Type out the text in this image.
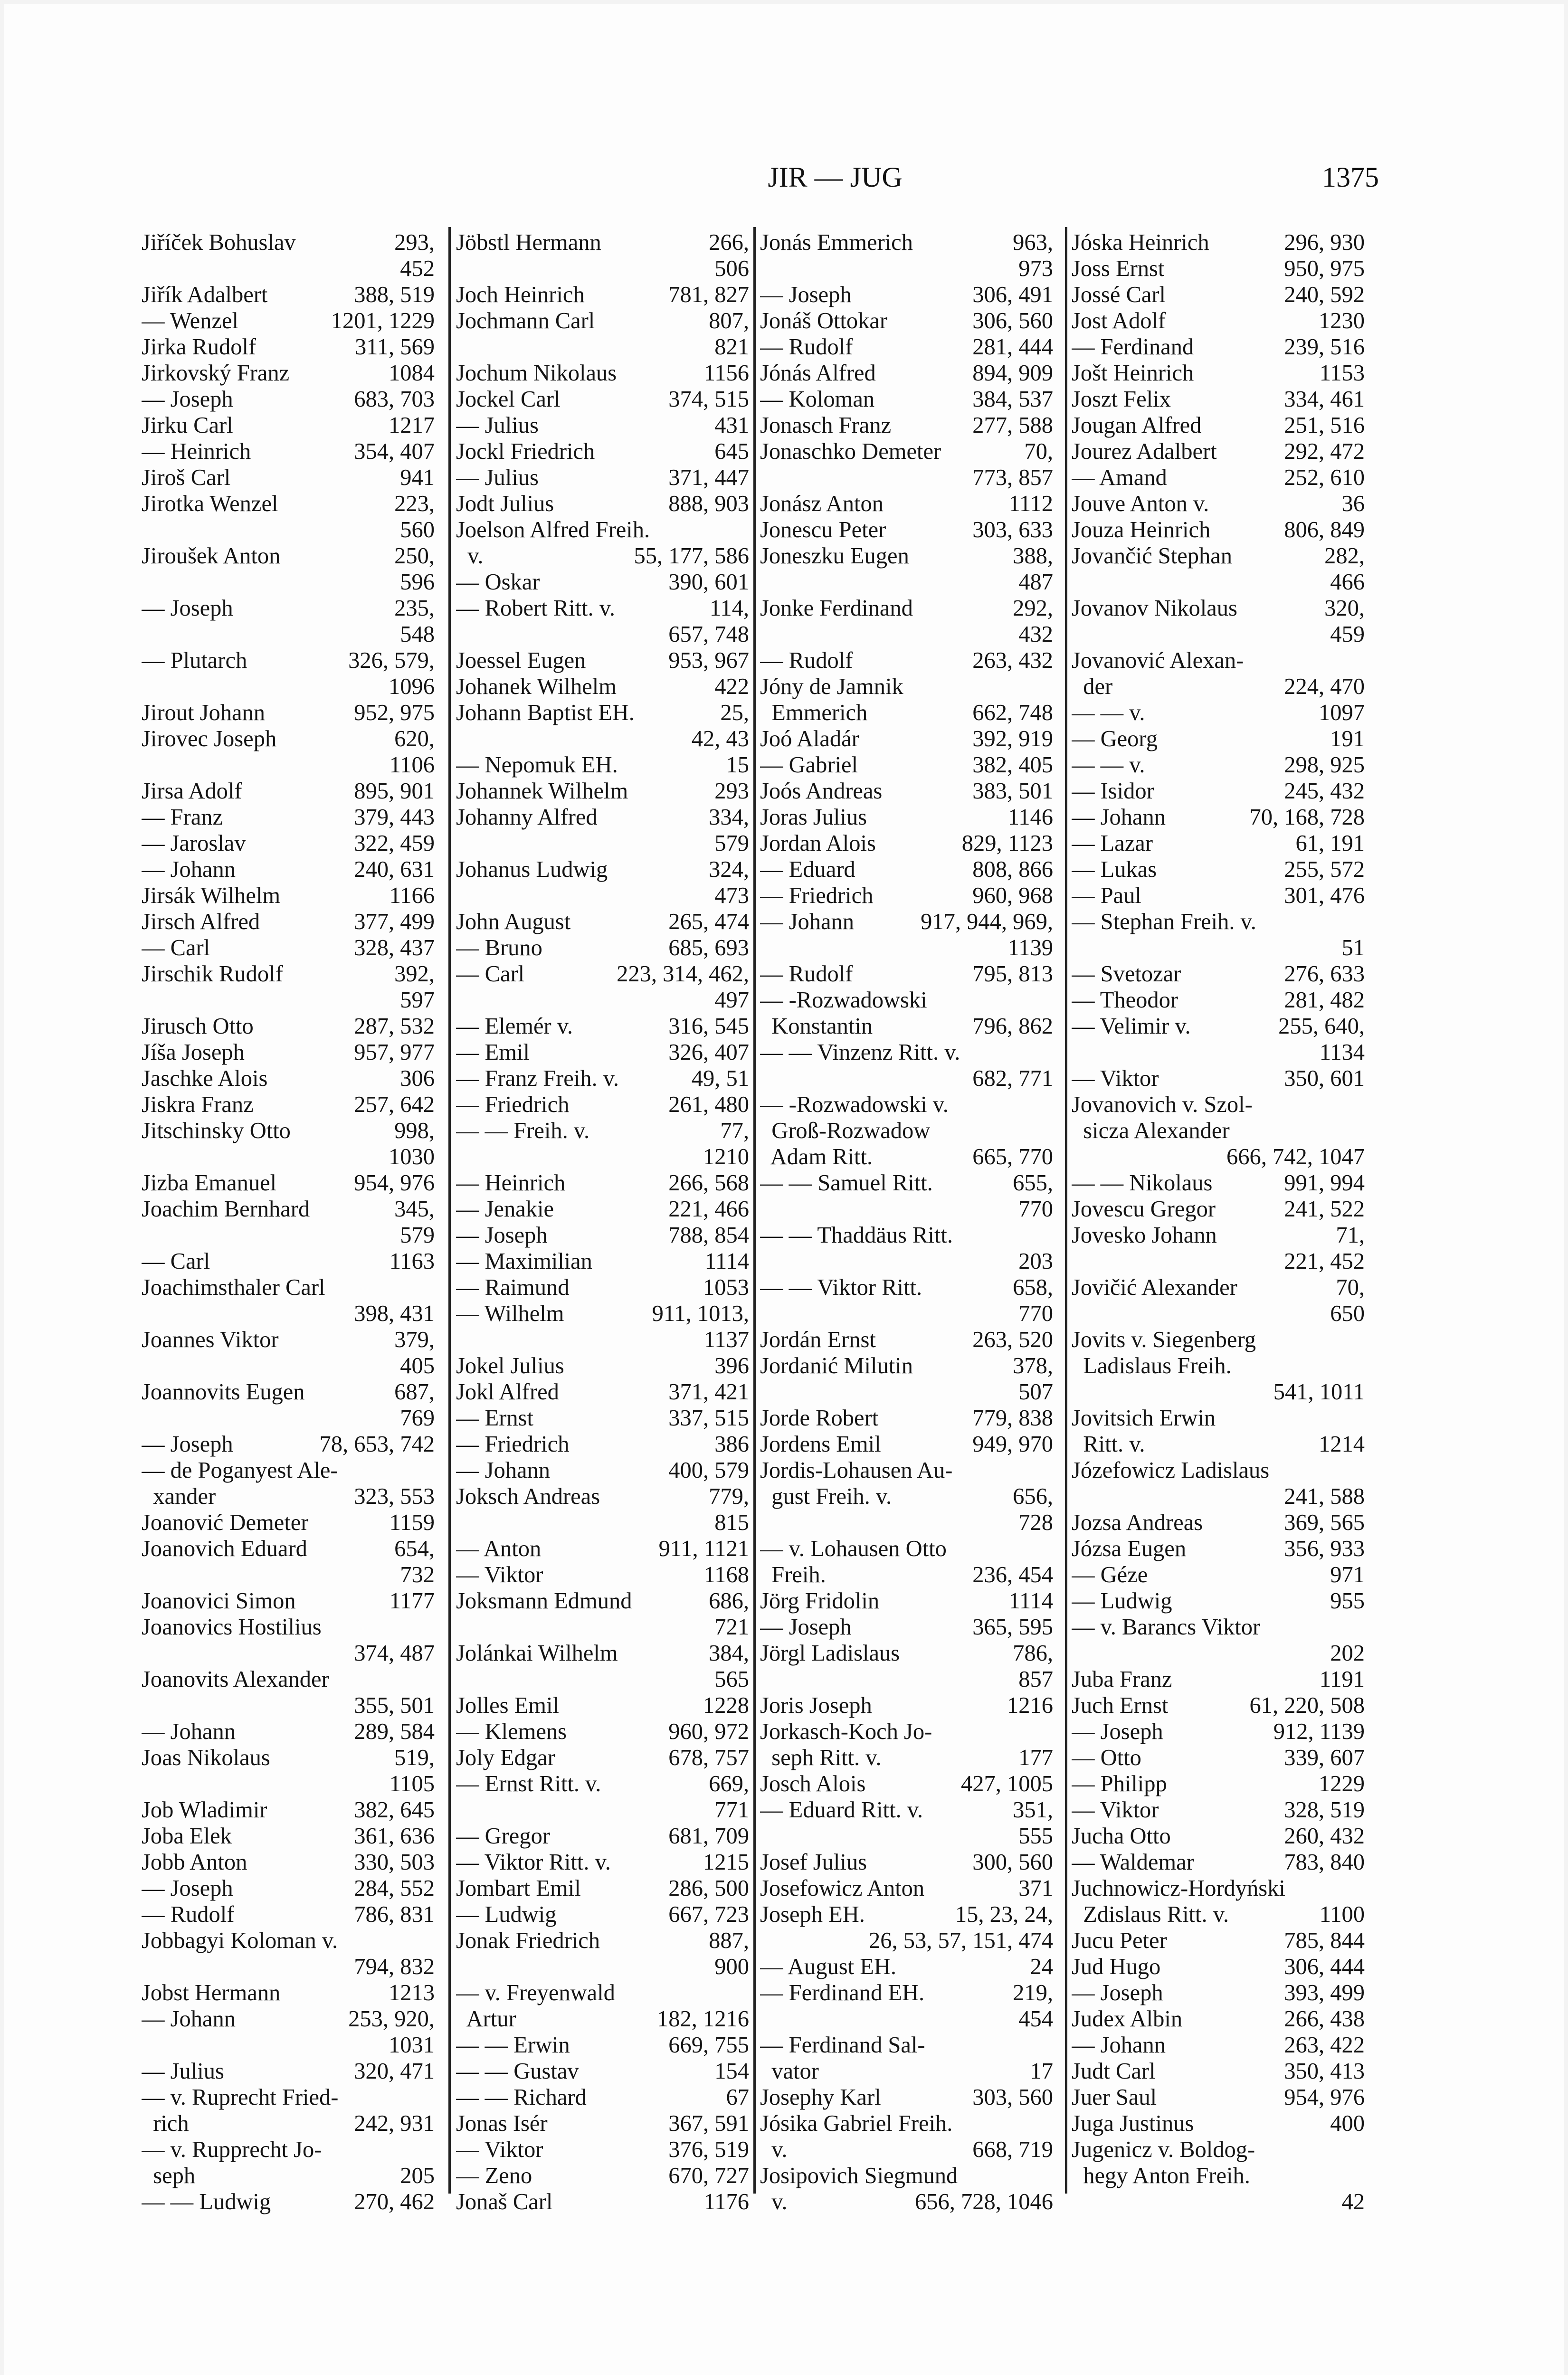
JIR — JUG	1375
Jiříček Bohuslav	293,
452
Jiřík Adalbert	388, 519
— Wenzel	1201, 1229
Jirka Rudolf	311, 569
Jirkovský Franz	1084
— Joseph	683, 703
Jirku Carl	1217
— Heinrich	354, 407
Jiroš Carl	941
Jirotka Wenzel	223,
560
Jiroušek Anton	250,
596
— Joseph	235,
548
— Plutarch	326, 579,
1096
Jirout Johann	952, 975
Jirovec Joseph	620,
1106
Jirsa Adolf	895, 901
— Franz	379, 443
— Jaroslav	322, 459
— Johann	240, 631
Jirsák Wilhelm	1166
Jirsch Alfred	377, 499
— Carl	328, 437
Jirschik Rudolf	392,
597
Jirusch Otto	287, 532
Jíša Joseph	957, 977
Jaschke Alois	306
Jiskra Franz	257, 642
Jitschinsky Otto	998,
1030
Jizba Emanuel	954, 976
Joachim Bernhard	345,
579
— Carl	1163
Joachimsthaler Carl
398, 431
Joannes Viktor	379,
405
Joannovits Eugen	687,
769
— Joseph	78, 653, 742
— de Poganyest Ale-
xander	323, 553
Joanović Demeter	1159
Joanovich Eduard	654,
732
Joanovici Simon	1177
Joanovics Hostilius
374, 487
Joanovits Alexander
355, 501
— Johann	289, 584
Joas Nikolaus	519,
1105
Job Wladimir	382, 645
Joba Elek	361, 636
Jobb Anton	330, 503
— Joseph	284, 552
— Rudolf	786, 831
Jobbagyi Koloman v.
794, 832
Jobst Hermann	1213
— Johann	253, 920,
1031
— Julius	320, 471
— v. Ruprecht Fried-
rich	242, 931
— v. Rupprecht Jo-
seph	205
— — Ludwig	270, 462
Jöbstl Hermann	266,
506
Joch Heinrich	781, 827
Jochmann Carl	807,
821
Jochum Nikolaus	1156
Jockel Carl	374, 515
— Julius	431
Jockl Friedrich	645
— Julius	371, 447
Jodt Julius	888, 903
Joelson Alfred Freih.
v.	55, 177, 586
— Oskar	390, 601
— Robert Ritt. v.	114,
657, 748
Joessel Eugen	953, 967
Johanek Wilhelm	422
Johann Baptist EH.	25,
42, 43
— Nepomuk EH.	15
Johannek Wilhelm	293
Johanny Alfred	334,
579
Johanus Ludwig	324,
473
John August	265, 474
— Bruno	685, 693
— Carl	223, 314, 462,
497
— Elemér v.	316, 545
— Emil	326, 407
— Franz Freih. v.	49, 51
— Friedrich	261, 480
— — Freih. v.	77,
1210
— Heinrich	266, 568
— Jenakie	221, 466
— Joseph	788, 854
— Maximilian	1114
— Raimund	1053
— Wilhelm	911, 1013,
1137
Jokel Julius	396
Jokl Alfred	371, 421
— Ernst	337, 515
— Friedrich	386
— Johann	400, 579
Joksch Andreas	779,
815
— Anton	911, 1121
— Viktor	1168
Joksmann Edmund	686,
721
Jolánkai Wilhelm	384,
565
Jolles Emil	1228
— Klemens	960, 972
Joly Edgar	678, 757
— Ernst Ritt. v.	669,
771
— Gregor	681, 709
— Viktor Ritt. v.	1215
Jombart Emil	286, 500
— Ludwig	667, 723
Jonak Friedrich	887,
900
— v. Freyenwald
Artur	182, 1216
— — Erwin	669, 755
— — Gustav	154
— — Richard	67
Jonas Isér	367, 591
— Viktor	376, 519
— Zeno	670, 727
Jonaš Carl	1176
Jonás Emmerich	963,
973
— Joseph	306, 491
Jonáš Ottokar	306, 560
— Rudolf	281, 444
Jónás Alfred	894, 909
— Koloman	384, 537
Jonasch Franz	277, 588
Jonaschko Demeter	70,
773, 857
Jonász Anton	1112
Jonescu Peter	303, 633
Joneszku Eugen	388,
487
Jonke Ferdinand	292,
432
— Rudolf	263, 432
Jóny de Jamnik
Emmerich	662, 748
Joó Aladár	392, 919
— Gabriel	382, 405
Joós Andreas	383, 501
Joras Julius	1146
Jordan Alois	829, 1123
— Eduard	808, 866
— Friedrich	960, 968
— Johann	917, 944, 969,
1139
— Rudolf	795, 813
— -Rozwadowski
Konstantin	796, 862
— — Vinzenz Ritt. v.
682, 771
— -Rozwadowski v.
Groß-Rozwadow
Adam Ritt.	665, 770
— — Samuel Ritt.	655,
770
— — Thaddäus Ritt.
203
— — Viktor Ritt.	658,
770
Jordán Ernst	263, 520
Jordanić Milutin	378,
507
Jorde Robert	779, 838
Jordens Emil	949, 970
Jordis-Lohausen Au-
gust Freih. v.	656,
728
— v. Lohausen Otto
Freih.	236, 454
Jörg Fridolin	1114
— Joseph	365, 595
Jörgl Ladislaus	786,
857
Joris Joseph	1216
Jorkasch-Koch Jo-
seph Ritt. v.	177
Josch Alois	427, 1005
— Eduard Ritt. v.	351,
555
Josef Julius	300, 560
Josefowicz Anton	371
Joseph EH.	15, 23, 24,
26, 53, 57, 151, 474
— August EH.	24
— Ferdinand EH.	219,
454
— Ferdinand Sal-
vator	17
Josephy Karl	303, 560
Jósika Gabriel Freih.
v.	668, 719
Josipovich Siegmund
v.	656, 728, 1046
Jóska Heinrich	296, 930
Joss Ernst	950, 975
Jossé Carl	240, 592
Jost Adolf	1230
— Ferdinand	239, 516
Jošt Heinrich	1153
Joszt Felix	334, 461
Jougan Alfred	251, 516
Jourez Adalbert	292, 472
— Amand	252, 610
Jouve Anton v.	36
Jouza Heinrich	806, 849
Jovančić Stephan	282,
466
Jovanov Nikolaus	320,
459
Jovanović Alexan-
der	224, 470
— — v.	1097
— Georg	191
— — v.	298, 925
— Isidor	245, 432
— Johann	70, 168, 728
— Lazar	61, 191
— Lukas	255, 572
— Paul	301, 476
— Stephan Freih. v.
51
— Svetozar	276, 633
— Theodor	281, 482
— Velimir v.	255, 640,
1134
— Viktor	350, 601
Jovanovich v. Szol-
sicza Alexander
666, 742, 1047
— — Nikolaus	991, 994
Jovescu Gregor	241, 522
Jovesko Johann	71,
221, 452
Jovičić Alexander	70,
650
Jovits v. Siegenberg
Ladislaus Freih.
541, 1011
Jovitsich Erwin
Ritt. v.	1214
Józefowicz Ladislaus
241, 588
Jozsa Andreas	369, 565
Józsa Eugen	356, 933
— Géze	971
— Ludwig	955
— v. Barancs Viktor
202
Juba Franz	1191
Juch Ernst	61, 220, 508
— Joseph	912, 1139
— Otto	339, 607
— Philipp	1229
— Viktor	328, 519
Jucha Otto	260, 432
— Waldemar	783, 840
Juchnowicz-Hordyński
Zdislaus Ritt. v.	1100
Jucu Peter	785, 844
Jud Hugo	306, 444
— Joseph	393, 499
Judex Albin	266, 438
— Johann	263, 422
Judt Carl	350, 413
Juer Saul	954, 976
Juga Justinus	400
Jugenicz v. Boldog-
hegy Anton Freih.
42
